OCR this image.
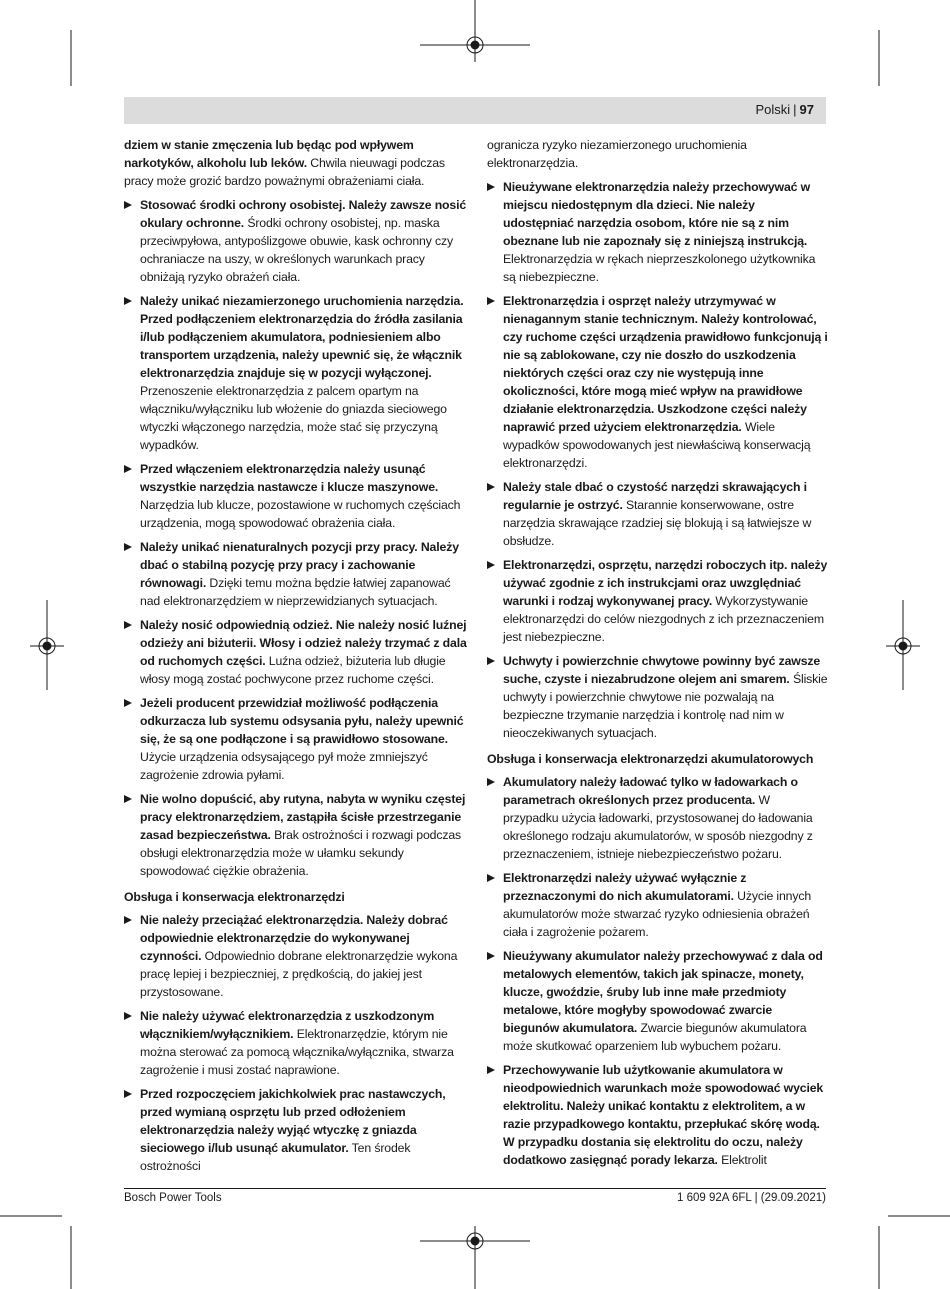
Polski | 97

dziem w stanie zmęczenia lub będąc pod wpływem narkotyków, alkoholu lub leków. Chwila nieuwagi podczas pracy może grozić bardzo poważnymi obrażeniami ciała.

Stosować środki ochrony osobistej. Należy zawsze nosić okulary ochronne. Środki ochrony osobistej, np. maska przeciwpyłowa, antypoślizgowe obuwie, kask ochronny czy ochraniacze na uszy, w określonych warunkach pracy obniżają ryzyko obrażeń ciała.
Należy unikać niezamierzonego uruchomienia narzędzia. Przed podłączeniem elektronarzędzia do źródła zasilania i/lub podłączeniem akumulatora, podniesieniem albo transportem urządzenia, należy upewnić się, że włącznik elektronarzędzia znajduje się w pozycji wyłączonej. Przenoszenie elektronarzędzia z palcem opartym na włączniku/wyłączniku lub włożenie do gniazda sieciowego wtyczki włączonego narzędzia, może stać się przyczyną wypadków.
Przed włączeniem elektronarzędzia należy usunąć wszystkie narzędzia nastawcze i klucze maszynowe. Narzędzia lub klucze, pozostawione w ruchomych częściach urządzenia, mogą spowodować obrażenia ciała.
Należy unikać nienaturalnych pozycji przy pracy. Należy dbać o stabilną pozycję przy pracy i zachowanie równowagi. Dzięki temu można będzie łatwiej zapanować nad elektronarzędziem w nieprzewidzianych sytuacjach.
Należy nosić odpowiednią odzież. Nie należy nosić luźnej odzieży ani biżuterii. Włosy i odzież należy trzymać z dala od ruchomych części. Luźna odzież, biżuteria lub długie włosy mogą zostać pochwycone przez ruchome części.
Jeżeli producent przewidział możliwość podłączenia odkurzacza lub systemu odsysania pyłu, należy upewnić się, że są one podłączone i są prawidłowo stosowane. Użycie urządzenia odsysającego pył może zmniejszyć zagrożenie zdrowia pyłami.
Nie wolno dopuścić, aby rutyna, nabyta w wyniku częstej pracy elektronarzędziem, zastąpiła ścisłe przestrzeganie zasad bezpieczeństwa. Brak ostrożności i rozwagi podczas obsługi elektronarzędzia może w ułamku sekundy spowodować ciężkie obrażenia.
Obsługa i konserwacja elektronarzędzi
Nie należy przeciążać elektronarzędzia. Należy dobrać odpowiednie elektronarzędzie do wykonywanej czynności. Odpowiednio dobrane elektronarzędzie wykona pracę lepiej i bezpieczniej, z prędkością, do jakiej jest przystosowane.
Nie należy używać elektronarzędzia z uszkodzonym włącznikiem/wyłącznikiem. Elektronarzędzie, którym nie można sterować za pomocą włącznika/wyłącznika, stwarza zagrożenie i musi zostać naprawione.
Przed rozpoczęciem jakichkolwiek prac nastawczych, przed wymianą osprzętu lub przed odłożeniem elektronarzędzia należy wyjąć wtyczkę z gniazda sieciowego i/lub usunąć akumulator. Ten środek ostrożności

ogranicza ryzyko niezamierzonego uruchomienia elektronarzędzia.

Nieużywane elektronarzędzia należy przechowywać w miejscu niedostępnym dla dzieci. Nie należy udostępniać narzędzia osobom, które nie są z nim obeznane lub nie zapoznały się z niniejszą instrukcją. Elektronarzędzia w rękach nieprzeszkolonego użytkownika są niebezpieczne.
Elektronarzędzia i osprzęt należy utrzymywać w nienagannym stanie technicznym. Należy kontrolować, czy ruchome części urządzenia prawidłowo funkcjonują i nie są zablokowane, czy nie doszło do uszkodzenia niektórych części oraz czy nie występują inne okoliczności, które mogą mieć wpływ na prawidłowe działanie elektronarzędzia. Uszkodzone części należy naprawić przed użyciem elektronarzędzia. Wiele wypadków spowodowanych jest niewłaściwą konserwacją elektronarzędzi.
Należy stale dbać o czystość narzędzi skrawających i regularnie je ostrzyć. Starannie konserwowane, ostre narzędzia skrawające rzadziej się blokują i są łatwiejsze w obsłudze.
Elektronarzędzi, osprzętu, narzędzi roboczych itp. należy używać zgodnie z ich instrukcjami oraz uwzględniać warunki i rodzaj wykonywanej pracy. Wykorzystywanie elektronarzędzi do celów niezgodnych z ich przeznaczeniem jest niebezpieczne.
Uchwyty i powierzchnie chwytowe powinny być zawsze suche, czyste i niezabrudzone olejem ani smarem. Śliskie uchwyty i powierzchnie chwytowe nie pozwalają na bezpieczne trzymanie narzędzia i kontrolę nad nim w nieoczekiwanych sytuacjach.
Obsługa i konserwacja elektronarzędzi akumulatorowych
Akumulatory należy ładować tylko w ładowarkach o parametrach określonych przez producenta. W przypadku użycia ładowarki, przystosowanej do ładowania określonego rodzaju akumulatorów, w sposób niezgodny z przeznaczeniem, istnieje niebezpieczeństwo pożaru.
Elektronarzędzi należy używać wyłącznie z przeznaczonymi do nich akumulatorami. Użycie innych akumulatorów może stwarzać ryzyko odniesienia obrażeń ciała i zagrożenie pożarem.
Nieużywany akumulator należy przechowywać z dala od metalowych elementów, takich jak spinacze, monety, klucze, gwoździe, śruby lub inne małe przedmioty metalowe, które mogłyby spowodować zwarcie biegunów akumulatora. Zwarcie biegunów akumulatora może skutkować oparzeniem lub wybuchem pożaru.
Przechowywanie lub użytkowanie akumulatora w nieodpowiednich warunkach może spowodować wyciek elektrolitu. Należy unikać kontaktu z elektrolitem, a w razie przypadkowego kontaktu, przepłukać skórę wodą. W przypadku dostania się elektrolitu do oczu, należy dodatkowo zasięgnąć porady lekarza. Elektrolit
Bosch Power Tools	1 609 92A 6FL | (29.09.2021)
